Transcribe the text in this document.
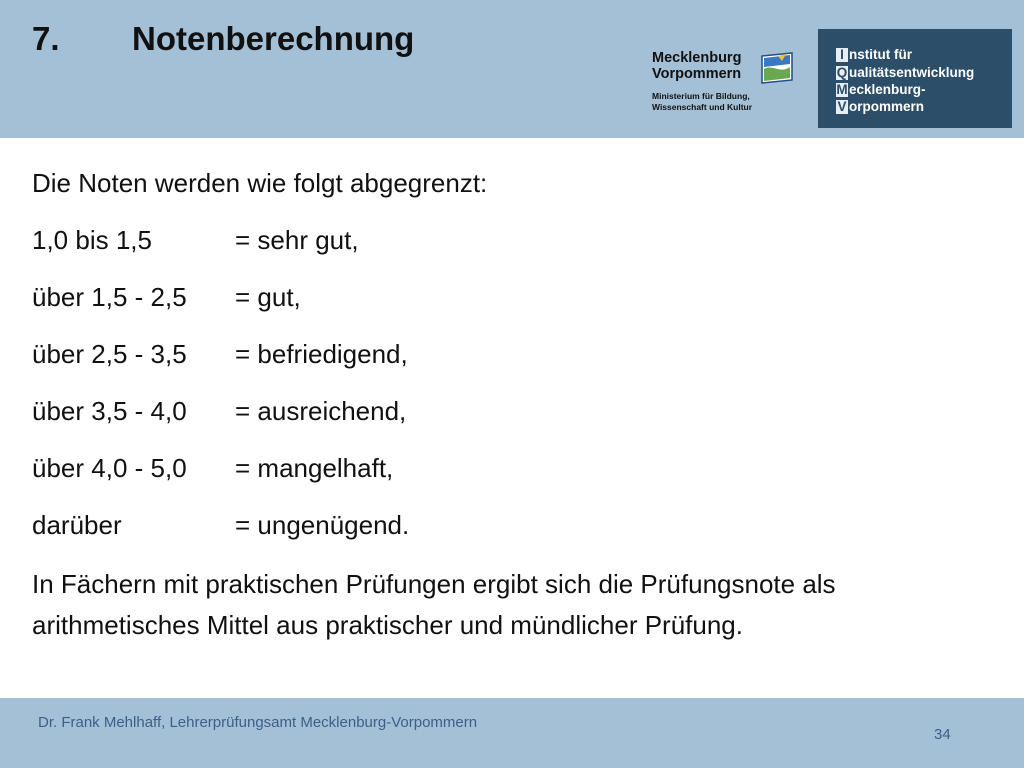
7. Notenberechnung
Mecklenburg
Vorpommern
Ministerium für Bildung,
Wissenschaft und Kultur
I nstitut für
Q ualitätsentwicklung
Mecklenburg-
V orpommern
Die Noten werden wie folgt abgegrenzt:
1,0 bis 1,5	= sehr gut,
über 1,5 - 2,5 = gut,
über 2,5 - 3,5 = befriedigend,
über 3,5 - 4,0 = ausreichend,
über 4,0 - 5,0 = mangelhaft,
darüber	= ungenügend.
In Fächern mit praktischen Prüfungen ergibt sich die Prüfungsnote als arithmetisches Mittel aus praktischer und mündlicher Prüfung.
Dr. Frank Mehlhaff, Lehrerprüfungsamt Mecklenburg-Vorpommern
34
